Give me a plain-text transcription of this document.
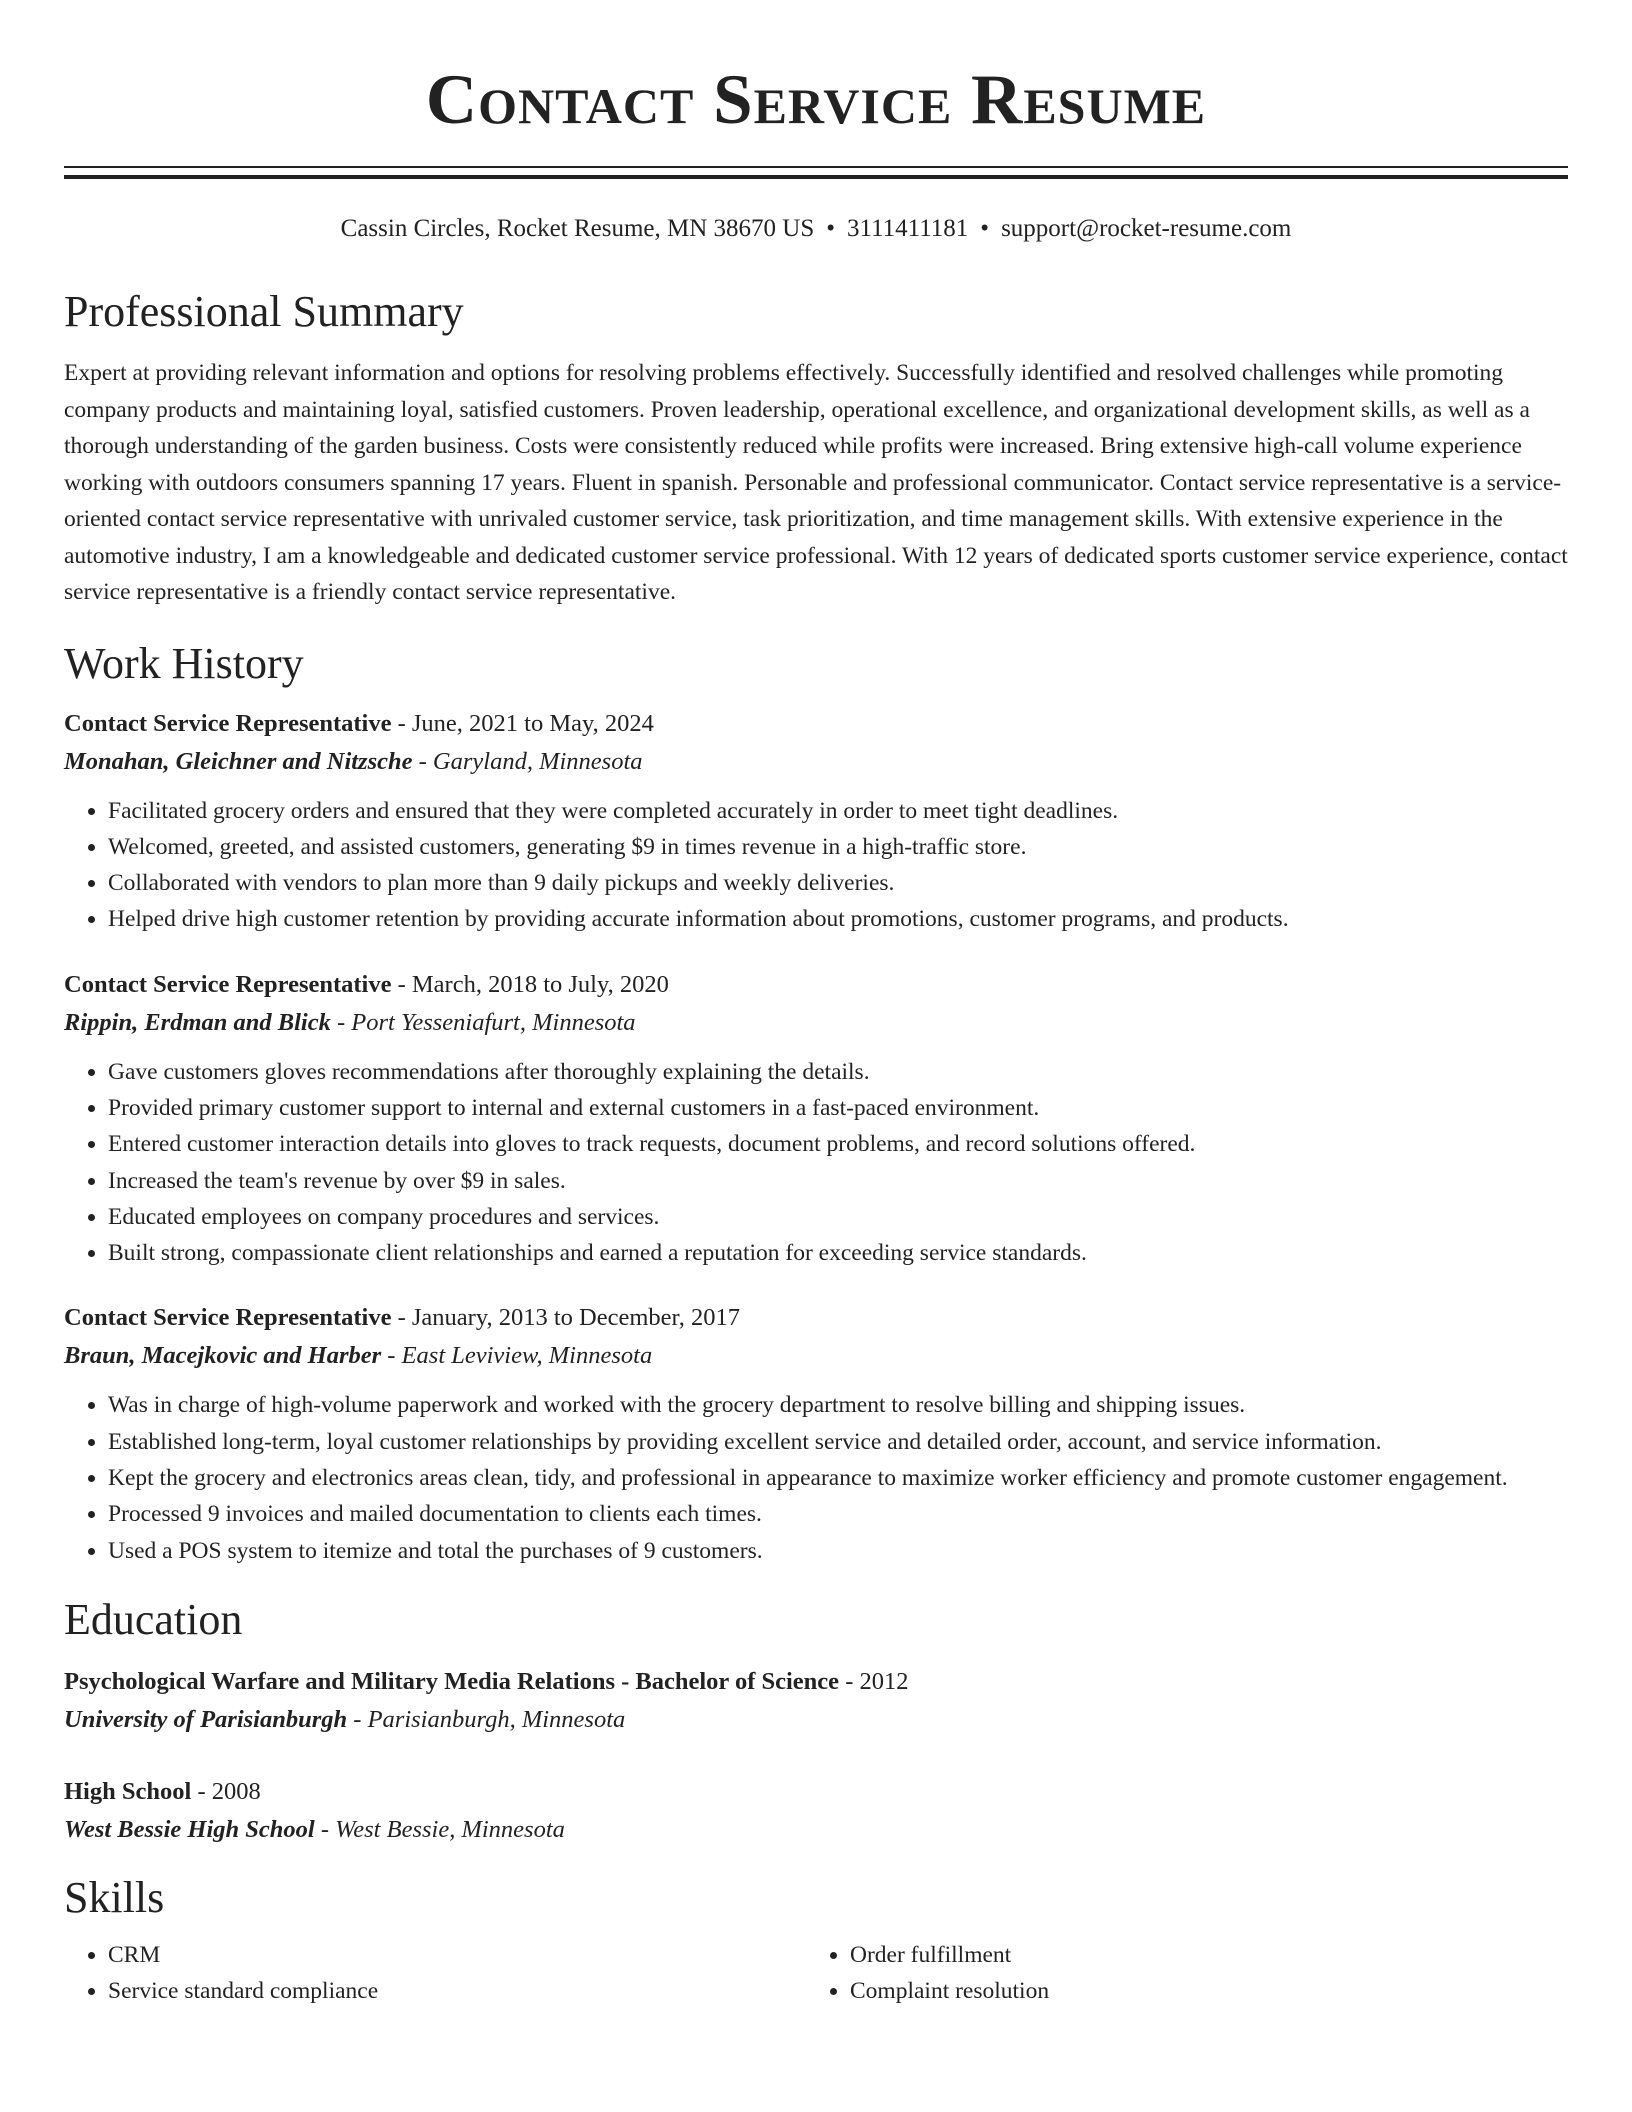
Contact Service Resume
Cassin Circles, Rocket Resume, MN 38670 US • 3111411181 • support@rocket-resume.com
Professional Summary

Expert at providing relevant information and options for resolving problems effectively. Successfully identified and resolved challenges while promoting company products and maintaining loyal, satisfied customers. Proven leadership, operational excellence, and organizational development skills, as well as a thorough understanding of the garden business. Costs were consistently reduced while profits were increased. Bring extensive high-call volume experience working with outdoors consumers spanning 17 years. Fluent in spanish. Personable and professional communicator. Contact service representative is a service-oriented contact service representative with unrivaled customer service, task prioritization, and time management skills. With extensive experience in the automotive industry, I am a knowledgeable and dedicated customer service professional. With 12 years of dedicated sports customer service experience, contact service representative is a friendly contact service representative.

Work History
Contact Service Representative - June, 2021 to May, 2024
Monahan, Gleichner and Nitzsche - Garyland, Minnesota
• Facilitated grocery orders and ensured that they were completed accurately in order to meet tight deadlines.
• Welcomed, greeted, and assisted customers, generating $9 in times revenue in a high-traffic store.
• Collaborated with vendors to plan more than 9 daily pickups and weekly deliveries.
• Helped drive high customer retention by providing accurate information about promotions, customer programs, and products.
Contact Service Representative - March, 2018 to July, 2020
Rippin, Erdman and Blick - Port Yesseniafurt, Minnesota
• Gave customers gloves recommendations after thoroughly explaining the details.
• Provided primary customer support to internal and external customers in a fast-paced environment.
• Entered customer interaction details into gloves to track requests, document problems, and record solutions offered.
• Increased the team's revenue by over $9 in sales.
• Educated employees on company procedures and services.
• Built strong, compassionate client relationships and earned a reputation for exceeding service standards.
Contact Service Representative - January, 2013 to December, 2017
Braun, Macejkovic and Harber - East Leviview, Minnesota
• Was in charge of high-volume paperwork and worked with the grocery department to resolve billing and shipping issues.
• Established long-term, loyal customer relationships by providing excellent service and detailed order, account, and service information.
• Kept the grocery and electronics areas clean, tidy, and professional in appearance to maximize worker efficiency and promote customer engagement.
• Processed 9 invoices and mailed documentation to clients each times.
• Used a POS system to itemize and total the purchases of 9 customers.
Education
Psychological Warfare and Military Media Relations - Bachelor of Science - 2012
University of Parisianburgh - Parisianburgh, Minnesota
High School - 2008
West Bessie High School - West Bessie, Minnesota
Skills
• CRM
• Service standard compliance
• Order fulfillment
• Complaint resolution
